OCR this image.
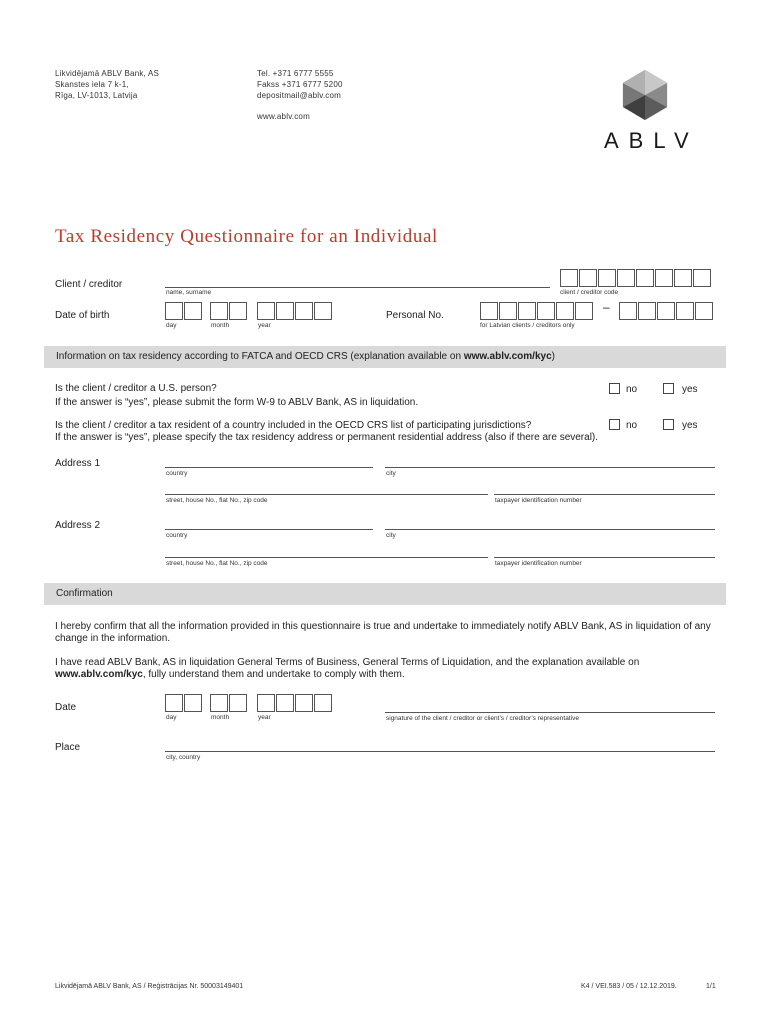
Likvidējamā ABLV Bank, AS
Skanstes iela 7 k-1,
Rīga, LV-1013, Latvija
Tel. +371 6777 5555
Fakss +371 6777 5200
depositmail@ablv.com
www.ablv.com
ABLV
Tax Residency Questionnaire for an Individual
Client / creditor
name, surname	client / creditor code
Date of birth
day	month	year
Personal No.
–
for Latvian clients / creditors only
Information on tax residency according to FATCA and OECD CRS (explanation available on www.ablv.com/kyc)
Is the client / creditor a U.S. person?
If the answer is “yes”, please submit the form W-9 to ABLV Bank, AS in liquidation.
no	yes
Is the client / creditor a tax resident of a country included in the OECD CRS list of participating jurisdictions?
If the answer is “yes”, please specify the tax residency address or permanent residential address (also if there are several).
no	yes
Address 1
country	city
street, house No., flat No., zip code	taxpayer identification number
Address 2
country	city
street, house No., flat No., zip code	taxpayer identification number
Confirmation
I hereby confirm that all the information provided in this questionnaire is true and undertake to immediately notify ABLV Bank, AS in liquidation of any change in the information.
I have read ABLV Bank, AS in liquidation General Terms of Business, General Terms of Liquidation, and the explanation available on www.ablv.com/kyc, fully understand them and undertake to comply with them.
Date
day	month	year	signature of the client / creditor or client’s / creditor’s representative
Place
city, country
Likvidējamā ABLV Bank, AS / Reģistrācijas Nr. 50003149401	K4 / VEI.583 / 05 / 12.12.2019.	1/1
